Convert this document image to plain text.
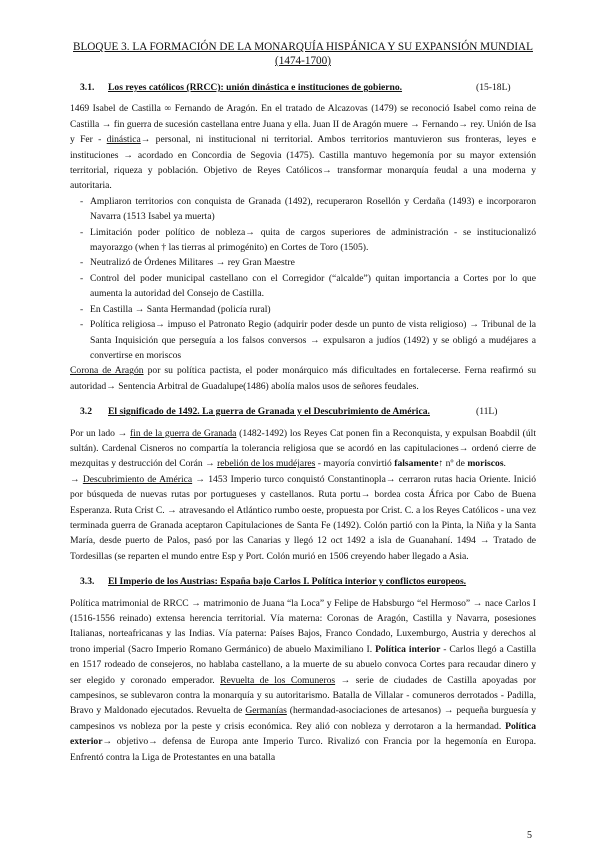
BLOQUE 3. LA FORMACIÓN DE LA MONARQUÍA HISPÁNICA Y SU EXPANSIÓN MUNDIAL (1474-1700)
3.1.	Los reyes católicos (RRCC): unión dinástica e instituciones de gobierno.	(15-18L)

1469 Isabel de Castilla ∞ Fernando de Aragón. En el tratado de Alcazovas (1479) se reconoció Isabel como reina de Castilla → fin guerra de sucesión castellana entre Juana y ella. Juan II de Aragón muere → Fernando→ rey. Unión de Isa y Fer - dinástica→ personal, ni institucional ni territorial. Ambos territorios mantuvieron sus fronteras, leyes e instituciones → acordado en Concordia de Segovia (1475). Castilla mantuvo hegemonía por su mayor extensión territorial, riqueza y población. Objetivo de Reyes Católicos→ transformar monarquía feudal a una moderna y autoritaria.

- Ampliaron territorios con conquista de Granada (1492), recuperaron Rosellón y Cerdaña (1493) e incorporaron Navarra (1513 Isabel ya muerta)
- Limitación poder político de nobleza→ quita de cargos superiores de administración - se institucionalizó mayorazgo (when † las tierras al primogénito) en Cortes de Toro (1505).
- Neutralizó de Órdenes Militares → rey Gran Maestre
- Control del poder municipal castellano con el Corregidor (“alcalde”) quitan importancia a Cortes por lo que aumenta la autoridad del Consejo de Castilla.
- En Castilla → Santa Hermandad (policía rural)
- Política religiosa→ impuso el Patronato Regio (adquirir poder desde un punto de vista religioso) → Tribunal de la Santa Inquisición que perseguía a los falsos conversos → expulsaron a judíos (1492) y se obligó a mudéjares a convertirse en moriscos

Corona de Aragón por su política pactista, el poder monárquico más dificultades en fortalecerse. Fernа reafirmó su autoridad→ Sentencia Arbitral de Guadalupe(1486) abolía malos usos de señores feudales.

3.2	El significado de 1492. La guerra de Granada y el Descubrimiento de América.	(11L)

Por un lado → fin de la guerra de Granada (1482-1492) los Reyes Cat ponen fin a Reconquista, y expulsan Boabdil (últ sultán). Cardenal Cisneros no compartía la tolerancia religiosa que se acordó en las capitulaciones→ ordenó cierre de mezquitas y destrucción del Corán → rebelión de los mudéjares - mayoría convirtió falsamente↑ nº de moriscos.

→ Descubrimiento de América → 1453 Imperio turco conquistó Constantinopla→ cerraron rutas hacia Oriente. Inició por búsqueda de nuevas rutas por portugueses y castellanos. Ruta portu→ bordea costa África por Cabo de Buena Esperanza. Ruta Crist C. → atravesando el Atlántico rumbo oeste, propuesta por Crist. C. a los Reyes Católicos - una vez terminada guerra de Granada aceptaron Capitulaciones de Santa Fe (1492). Colón partió con la Pinta, la Niña y la Santa María, desde puerto de Palos, pasó por las Canarias y llegó 12 oct 1492 a isla de Guanahaní. 1494 → Tratado de Tordesillas (se reparten el mundo entre Esp y Port. Colón murió en 1506 creyendo haber llegado a Asia.

3.3.	El Imperio de los Austrias: España bajo Carlos I. Política interior y conflictos europeos.

Política matrimonial de RRCC → matrimonio de Juana “la Loca” y Felipe de Habsburgo “el Hermoso” → nace Carlos I (1516-1556 reinado) extensa herencia territorial. Vía materna: Coronas de Aragón, Castilla y Navarra, posesiones Italianas, norteafricanas y las Indias. Vía paterna: Países Bajos, Franco Condado, Luxemburgo, Austria y derechos al trono imperial (Sacro Imperio Romano Germánico) de abuelo Maximiliano I. Política interior - Carlos llegó a Castilla en 1517 rodeado de consejeros, no hablaba castellano, a la muerte de su abuelo convoca Cortes para recaudar dinero y ser elegido y coronado emperador. Revuelta de los Comuneros → serie de ciudades de Castilla apoyadas por campesinos, se sublevaron contra la monarquía y su autoritarismo. Batalla de Villalar - comuneros derrotados - Padilla, Bravo y Maldonado ejecutados. Revuelta de Germanías (hermandad-asociaciones de artesanos) → pequeña burguesía y campesinos vs nobleza por la peste y crisis económica. Rey alió con nobleza y derrotaron a la hermandad. Política exterior→ objetivo→ defensa de Europa ante Imperio Turco. Rivalizó con Francia por la hegemonía en Europa. Enfrentó contra la Liga de Protestantes en una batalla

5
